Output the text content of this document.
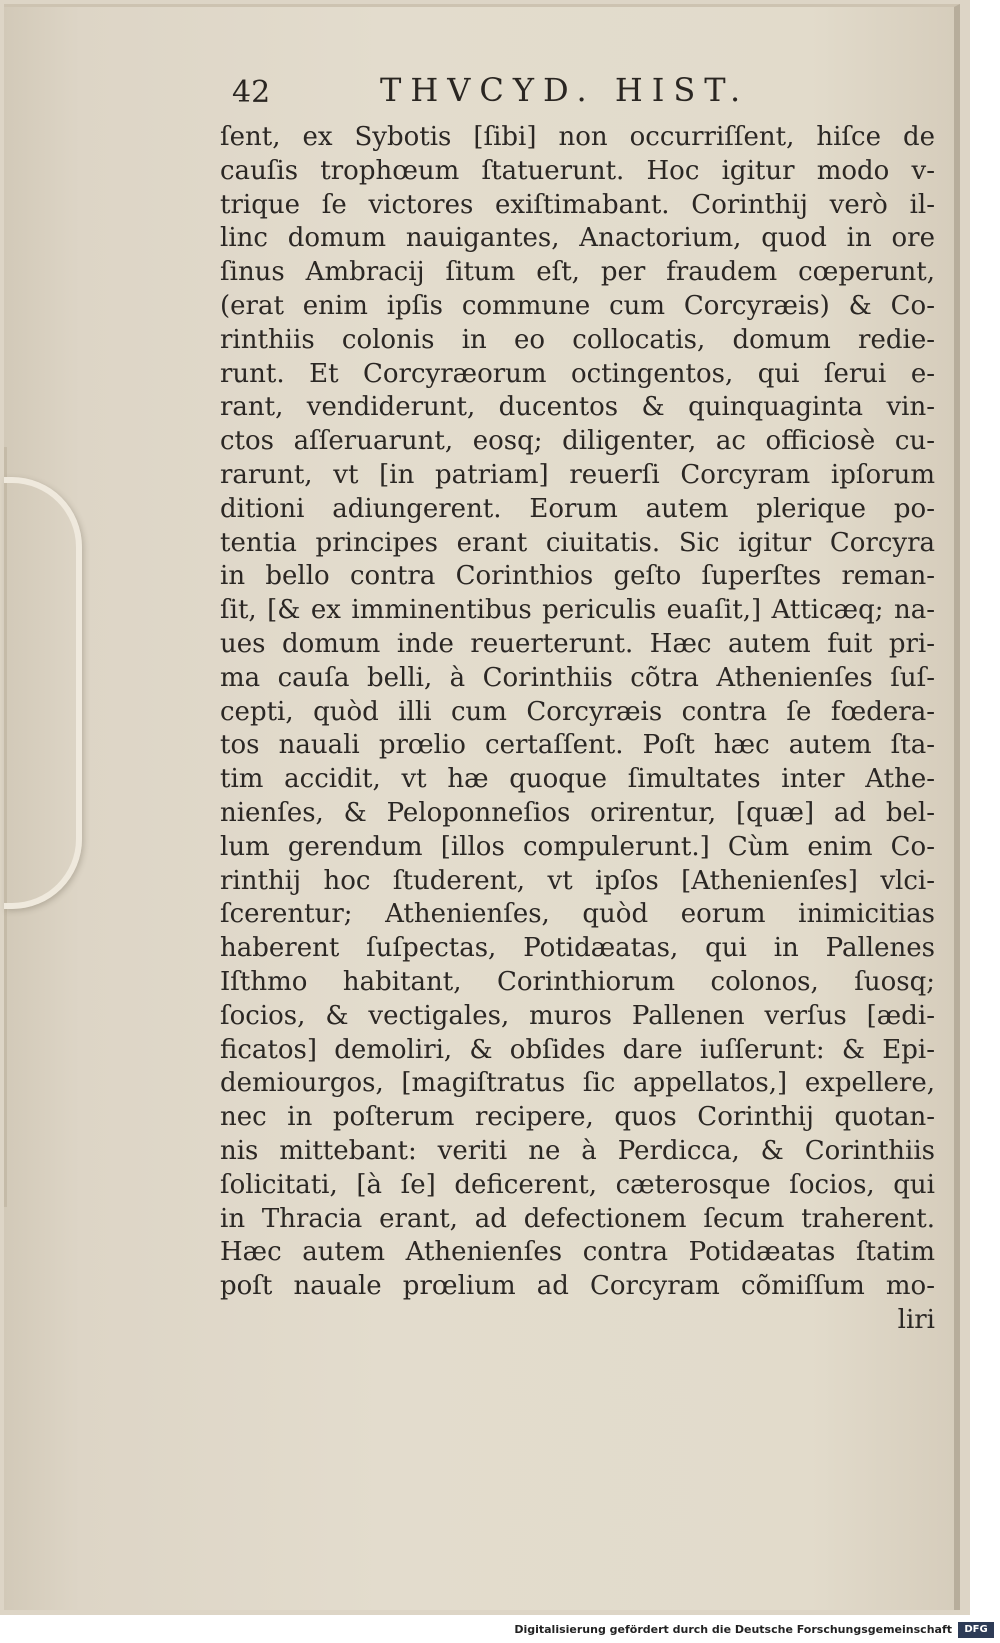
42	THVCYD. HIST.
ſent, ex Sybotis [ſibi] non occurriſſent, hiſce de
cauſis trophœum ſtatuerunt. Hoc igitur modo v-
trique ſe victores exiſtimabant. Corinthij verò il-
linc domum nauigantes, Anactorium, quod in ore
ſinus Ambracij ſitum eſt, per fraudem cœperunt,
(erat enim ipſis commune cum Corcyræis) & Co-
rinthiis colonis in eo collocatis, domum redie-
runt. Et Corcyræorum octingentos, qui ſerui e-
rant, vendiderunt, ducentos & quinquaginta vin-
ctos aſſeruarunt, eosq; diligenter, ac officiosè cu-
rarunt, vt [in patriam] reuerſi Corcyram ipſorum
ditioni adiungerent. Eorum autem plerique po-
tentia principes erant ciuitatis. Sic igitur Corcyra
in bello contra Corinthios geſto ſuperſtes reman-
ſit, [& ex imminentibus periculis euaſit,] Atticæq; na-
ues domum inde reuerterunt. Hæc autem fuit pri-
ma cauſa belli, à Corinthiis cõtra Athenienſes ſuſ-
cepti, quòd illi cum Corcyræis contra ſe fœdera-
tos nauali prœlio certaſſent. Poſt hæc autem ſta-
tim accidit, vt hæ quoque ſimultates inter Athe-
nienſes, & Peloponneſios orirentur, [quæ] ad bel-
lum gerendum [illos compulerunt.] Cùm enim Co-
rinthij hoc ſtuderent, vt ipſos [Athenienſes] vlci-
ſcerentur; Athenienſes, quòd eorum inimicitias
haberent ſuſpectas, Potidæatas, qui in Pallenes
Iſthmo habitant, Corinthiorum colonos, ſuosq;
ſocios, & vectigales, muros Pallenen verſus [ædi-
ficatos] demoliri, & obſides dare iuſſerunt: & Epi-
demiourgos, [magiſtratus ſic appellatos,] expellere,
nec in poſterum recipere, quos Corinthij quotan-
nis mittebant: veriti ne à Perdicca, & Corinthiis
ſolicitati, [à ſe] deficerent, cæterosque ſocios, qui
in Thracia erant, ad defectionem ſecum traherent.
Hæc autem Athenienſes contra Potidæatas ſtatim
poſt nauale prœlium ad Corcyram cõmiſſum mo-
liri
Digitalisierung gefördert durch die Deutsche Forschungsgemeinschaft	DFG
